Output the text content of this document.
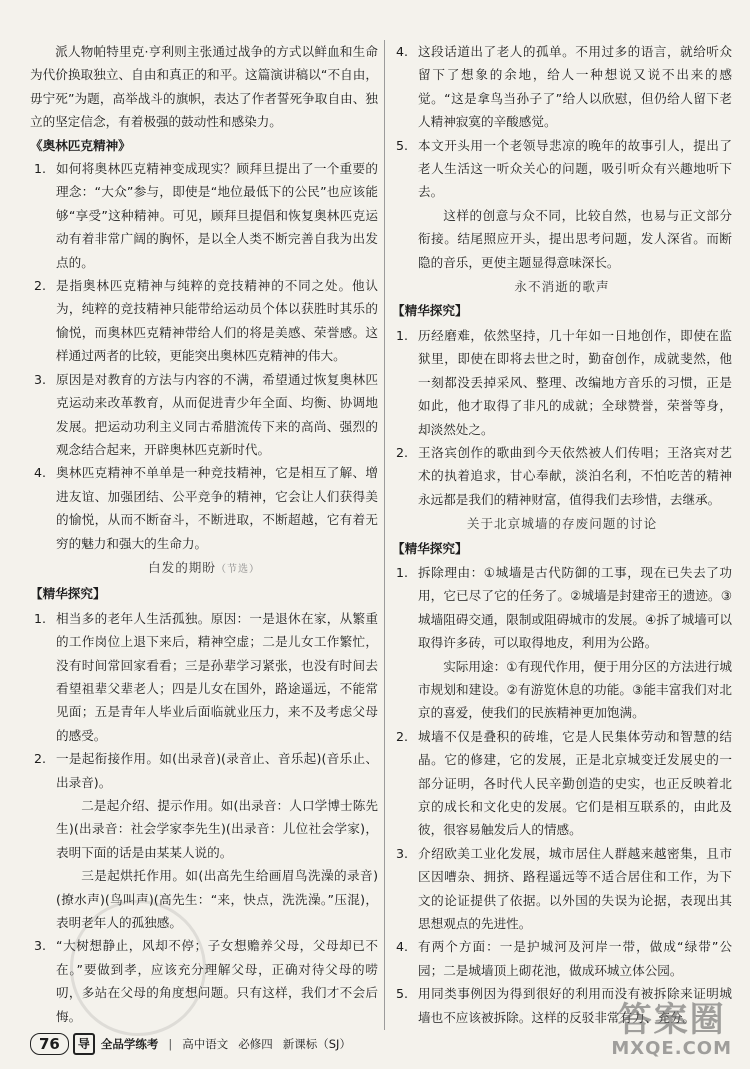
派人物帕特里克·亨利则主张通过战争的方式以鲜血和生命为代价换取独立、自由和真正的和平。这篇演讲稿以“不自由，毋宁死”为题，高举战斗的旗帜，表达了作者誓死争取自由、独立的坚定信念，有着极强的鼓动性和感染力。

《奥林匹克精神》

1. 如何将奥林匹克精神变成现实？顾拜旦提出了一个重要的理念：“大众”参与，即使是“地位最低下的公民”也应该能够“享受”这种精神。可见，顾拜旦提倡和恢复奥林匹克运动有着非常广阔的胸怀，是以全人类不断完善自我为出发点的。
2. 是指奥林匹克精神与纯粹的竞技精神的不同之处。他认为，纯粹的竞技精神只能带给运动员个体以获胜时其乐的愉悦，而奥林匹克精神带给人们的将是美感、荣誉感。这样通过两者的比较，更能突出奥林匹克精神的伟大。
3. 原因是对教育的方法与内容的不满，希望通过恢复奥林匹克运动来改革教育，从而促进青少年全面、均衡、协调地发展。把运动功利主义同古希腊流传下来的高尚、强烈的观念结合起来，开辟奥林匹克新时代。
4. 奥林匹克精神不单单是一种竞技精神，它是相互了解、增进友谊、加强团结、公平竞争的精神，它会让人们获得美的愉悦，从而不断奋斗，不断进取，不断超越，它有着无穷的魅力和强大的生命力。

白发的期盼（节选）

【精华探究】

1. 相当多的老年人生活孤独。原因：一是退休在家，从繁重的工作岗位上退下来后，精神空虚；二是儿女工作繁忙，没有时间常回家看看；三是孙辈学习紧张，也没有时间去看望祖辈父辈老人；四是儿女在国外，路途遥远，不能常见面；五是青年人毕业后面临就业压力，来不及考虑父母的感受。
2. 一是起衔接作用。如(出录音)(录音止、音乐起)(音乐止、出录音)。

二是起介绍、提示作用。如(出录音：人口学博士陈先生)(出录音：社会学家李先生)(出录音：儿位社会学家)，表明下面的话是由某某人说的。

三是起烘托作用。如(出高先生给画眉鸟洗澡的录音)(撩水声)(鸟叫声)(高先生：“来，快点，洗洗澡。”压混)，表明老年人的孤独感。

3. “大树想静止，风却不停；子女想赡养父母，父母却已不在。”要做到孝，应该充分理解父母，正确对待父母的唠叨，多站在父母的角度想问题。只有这样，我们才不会后悔。
4. 这段话道出了老人的孤单。不用过多的语言，就给听众留下了想象的余地，给人一种想说又说不出来的感觉。“这是拿鸟当孙子了”给人以欣慰，但仍给人留下老人精神寂寞的辛酸感觉。
5. 本文开头用一个老领导悲凉的晚年的故事引人，提出了老人生活这一听众关心的问题，吸引听众有兴趣地听下去。

这样的创意与众不同，比较自然，也易与正文部分衔接。结尾照应开头，提出思考问题，发人深省。而断隐的音乐，更使主题显得意味深长。

永不消逝的歌声

【精华探究】

1. 历经磨难，依然坚持，几十年如一日地创作，即使在监狱里，即使在即将去世之时，勤奋创作，成就斐然，他一刻都没丢掉采风、整理、改编地方音乐的习惯，正是如此，他才取得了非凡的成就；全球赞誉，荣誉等身，却淡然处之。
2. 王洛宾创作的歌曲到今天依然被人们传唱；王洛宾对艺术的执着追求，甘心奉献，淡泊名利，不怕吃苦的精神永远都是我们的精神财富，值得我们去珍惜，去继承。

关于北京城墙的存废问题的讨论

【精华探究】

1. 拆除理由：①城墙是古代防御的工事，现在已失去了功用，它已尽了它的任务了。②城墙是封建帝王的遗迹。③城墙阻碍交通，限制或阻碍城市的发展。④拆了城墙可以取得许多砖，可以取得地皮，利用为公路。

实际用途：①有现代作用，便于用分区的方法进行城市规划和建设。②有游览休息的功能。③能丰富我们对北京的喜爱，使我们的民族精神更加饱满。

2. 城墙不仅是叠积的砖堆，它是人民集体劳动和智慧的结晶。它的修建，它的发展，正是北京城变迁发展史的一部分证明，各时代人民辛勤创造的史实，也正反映着北京的成长和文化史的发展。它们是相互联系的，由此及彼，很容易触发后人的情感。
3. 介绍欧美工业化发展，城市居住人群越来越密集，且市区因嘈杂、拥挤、路程遥远等不适合居住和工作，为下文的论证提供了依据。以外国的失误为论据，表现出其思想观点的先进性。
4. 有两个方面：一是护城河及河岸一带，做成“绿带”公园；二是城墙顶上砌花池，做成环城立体公园。
5. 用同类事例因为得到很好的利用而没有被拆除来证明城墙也不应该被拆除。这样的反驳非常有力、充分。
76	导 全品学练考 | 高中语文 必修四 新课标（SJ）
答案圈
MXQE.COM
